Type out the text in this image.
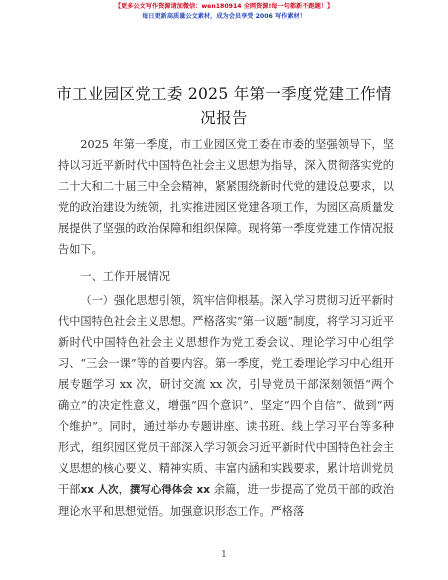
【更多公文写作资源请加微信：wen180914 全网资源!每一句都新不跑题！】
每日更新高质量公文素材，成为会员享受 2006 写作素材！
市工业园区党工委 2025 年第一季度党建工作情况报告
2025 年第一季度，市工业园区党工委在市委的坚强领导下，坚持以习近平新时代中国特色社会主义思想为指导，深入贯彻落实党的二十大和二十届三中全会精神，紧紧围绕新时代党的建设总要求，以党的政治建设为统领，扎实推进园区党建各项工作，为园区高质量发展提供了坚强的政治保障和组织保障。现将第一季度党建工作情况报告如下。
一、工作开展情况
（一）强化思想引领，筑牢信仰根基。深入学习贯彻习近平新时代中国特色社会主义思想。严格落实“第一议题”制度，将学习习近平新时代中国特色社会主义思想作为党工委会议、理论学习中心组学习、“三会一课”等的首要内容。第一季度，党工委理论学习中心组开展专题学习 xx 次，研讨交流 xx 次，引导党员干部深刻领悟“两个确立”的决定性意义，增强“四个意识”、坚定“四个自信”、做到“两个维护”。同时，通过举办专题讲座、读书班、线上学习平台等多种形式，组织园区党员干部深入学习领会习近平新时代中国特色社会主义思想的核心要义、精神实质、丰富内涵和实践要求，累计培训党员干部xx 人次，撰写心得体会 xx 余篇，进一步提高了党员干部的政治理论水平和思想觉悟。加强意识形态工作。严格落
1
